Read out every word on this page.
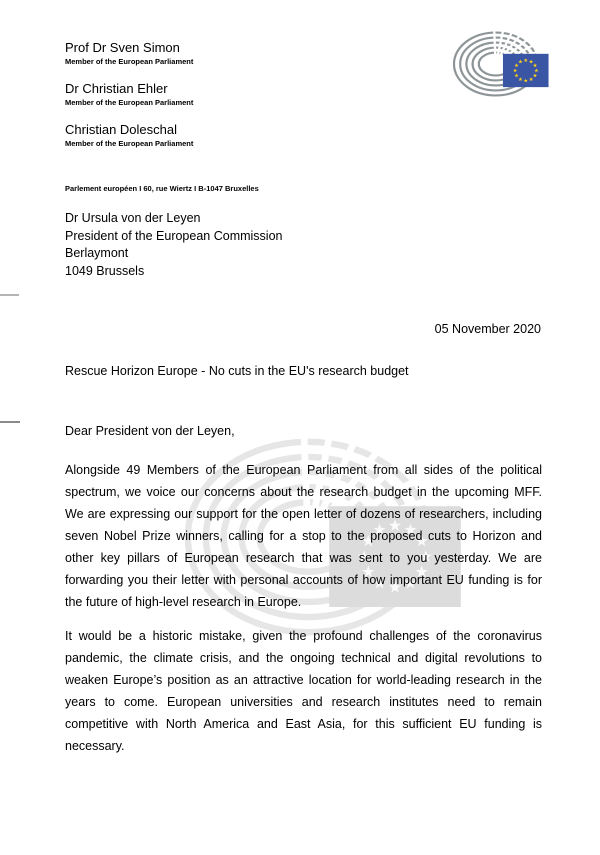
Prof Dr Sven Simon
Member of the European Parliament
Dr Christian Ehler
Member of the European Parliament
Christian Doleschal
Member of the European Parliament
Parlement européen I 60, rue Wiertz I B-1047 Bruxelles
Dr Ursula von der Leyen
President of the European Commission
Berlaymont
1049 Brussels
05 November 2020
Rescue Horizon Europe - No cuts in the EU's research budget
Dear President von der Leyen,

Alongside 49 Members of the European Parliament from all sides of the political spectrum, we voice our concerns about the research budget in the upcoming MFF. We are expressing our support for the open letter of dozens of researchers, including seven Nobel Prize winners, calling for a stop to the proposed cuts to Horizon and other key pillars of European research that was sent to you yesterday. We are forwarding you their letter with personal accounts of how important EU funding is for the future of high-level research in Europe.

It would be a historic mistake, given the profound challenges of the coronavirus pandemic, the climate crisis, and the ongoing technical and digital revolutions to weaken Europe’s position as an attractive location for world-leading research in the years to come. European universities and research institutes need to remain competitive with North America and East Asia, for this sufficient EU funding is necessary.
